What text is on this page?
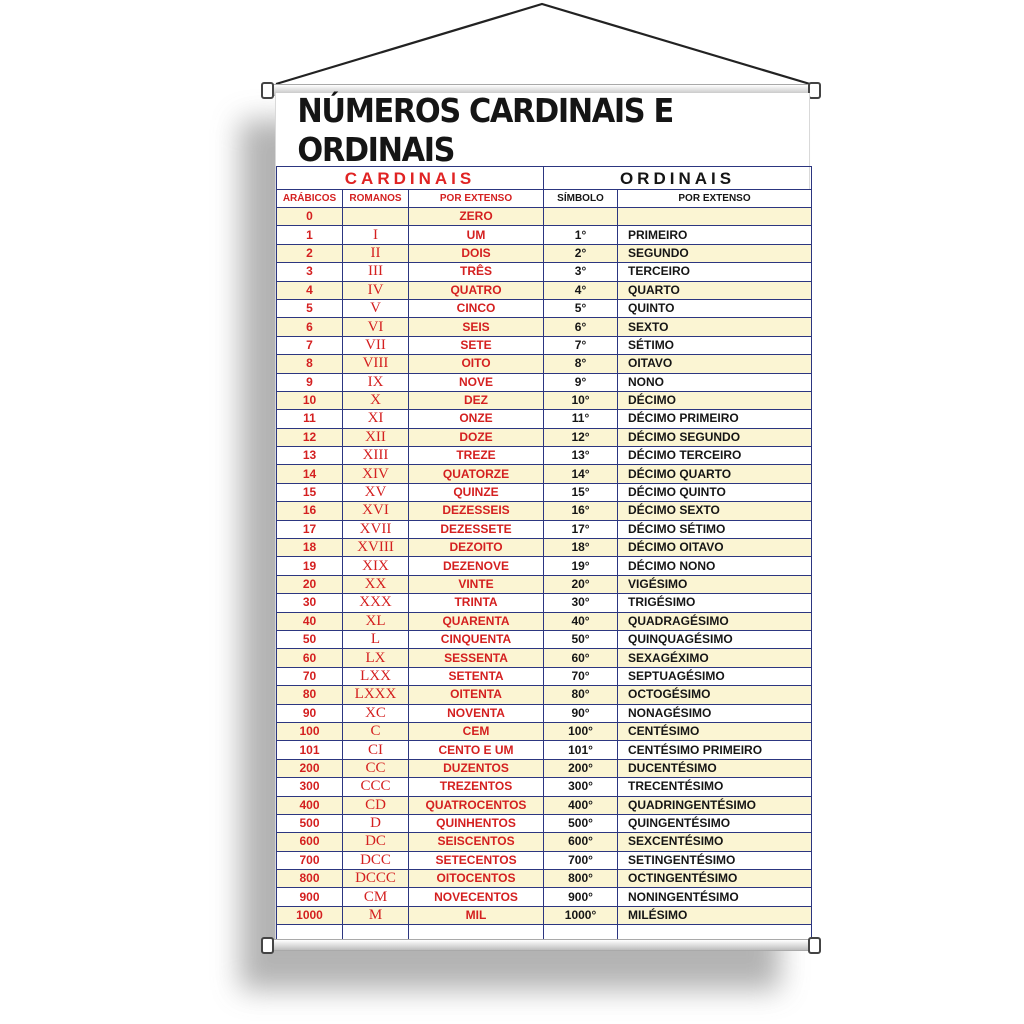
NÚMEROS CARDINAIS E ORDINAIS
CARDINAIS			ORDINAIS	
ARÁBICOS	ROMANOS	POR EXTENSO	SÍMBOLO	POR EXTENSO
0		ZERO		
1	I	UM	1°	PRIMEIRO
2	II	DOIS	2°	SEGUNDO
3	III	TRÊS	3°	TERCEIRO
4	IV	QUATRO	4°	QUARTO
5	V	CINCO	5°	QUINTO
6	VI	SEIS	6°	SEXTO
7	VII	SETE	7°	SÉTIMO
8	VIII	OITO	8°	OITAVO
9	IX	NOVE	9°	NONO
10	X	DEZ	10°	DÉCIMO
11	XI	ONZE	11°	DÉCIMO PRIMEIRO
12	XII	DOZE	12°	DÉCIMO SEGUNDO
13	XIII	TREZE	13°	DÉCIMO TERCEIRO
14	XIV	QUATORZE	14°	DÉCIMO QUARTO
15	XV	QUINZE	15°	DÉCIMO QUINTO
16	XVI	DEZESSEIS	16°	DÉCIMO SEXTO
17	XVII	DEZESSETE	17°	DÉCIMO SÉTIMO
18	XVIII	DEZOITO	18°	DÉCIMO OITAVO
19	XIX	DEZENOVE	19°	DÉCIMO NONO
20	XX	VINTE	20°	VIGÉSIMO
30	XXX	TRINTA	30°	TRIGÉSIMO
40	XL	QUARENTA	40°	QUADRAGÉSIMO
50	L	CINQUENTA	50°	QUINQUAGÉSIMO
60	LX	SESSENTA	60°	SEXAGÉXIMO
70	LXX	SETENTA	70°	SEPTUAGÉSIMO
80	LXXX	OITENTA	80°	OCTOGÉSIMO
90	XC	NOVENTA	90°	NONAGÉSIMO
100	C	CEM	100°	CENTÉSIMO
101	CI	CENTO E UM	101°	CENTÉSIMO PRIMEIRO
200	CC	DUZENTOS	200°	DUCENTÉSIMO
300	CCC	TREZENTOS	300°	TRECENTÉSIMO
400	CD	QUATROCENTOS	400°	QUADRINGENTÉSIMO
500	D	QUINHENTOS	500°	QUINGENTÉSIMO
600	DC	SEISCENTOS	600°	SEXCENTÉSIMO
700	DCC	SETECENTOS	700°	SETINGENTÉSIMO
800	DCCC	OITOCENTOS	800°	OCTINGENTÉSIMO
900	CM	NOVECENTOS	900°	NONINGENTÉSIMO
1000	M	MIL	1000°	MILÉSIMO
